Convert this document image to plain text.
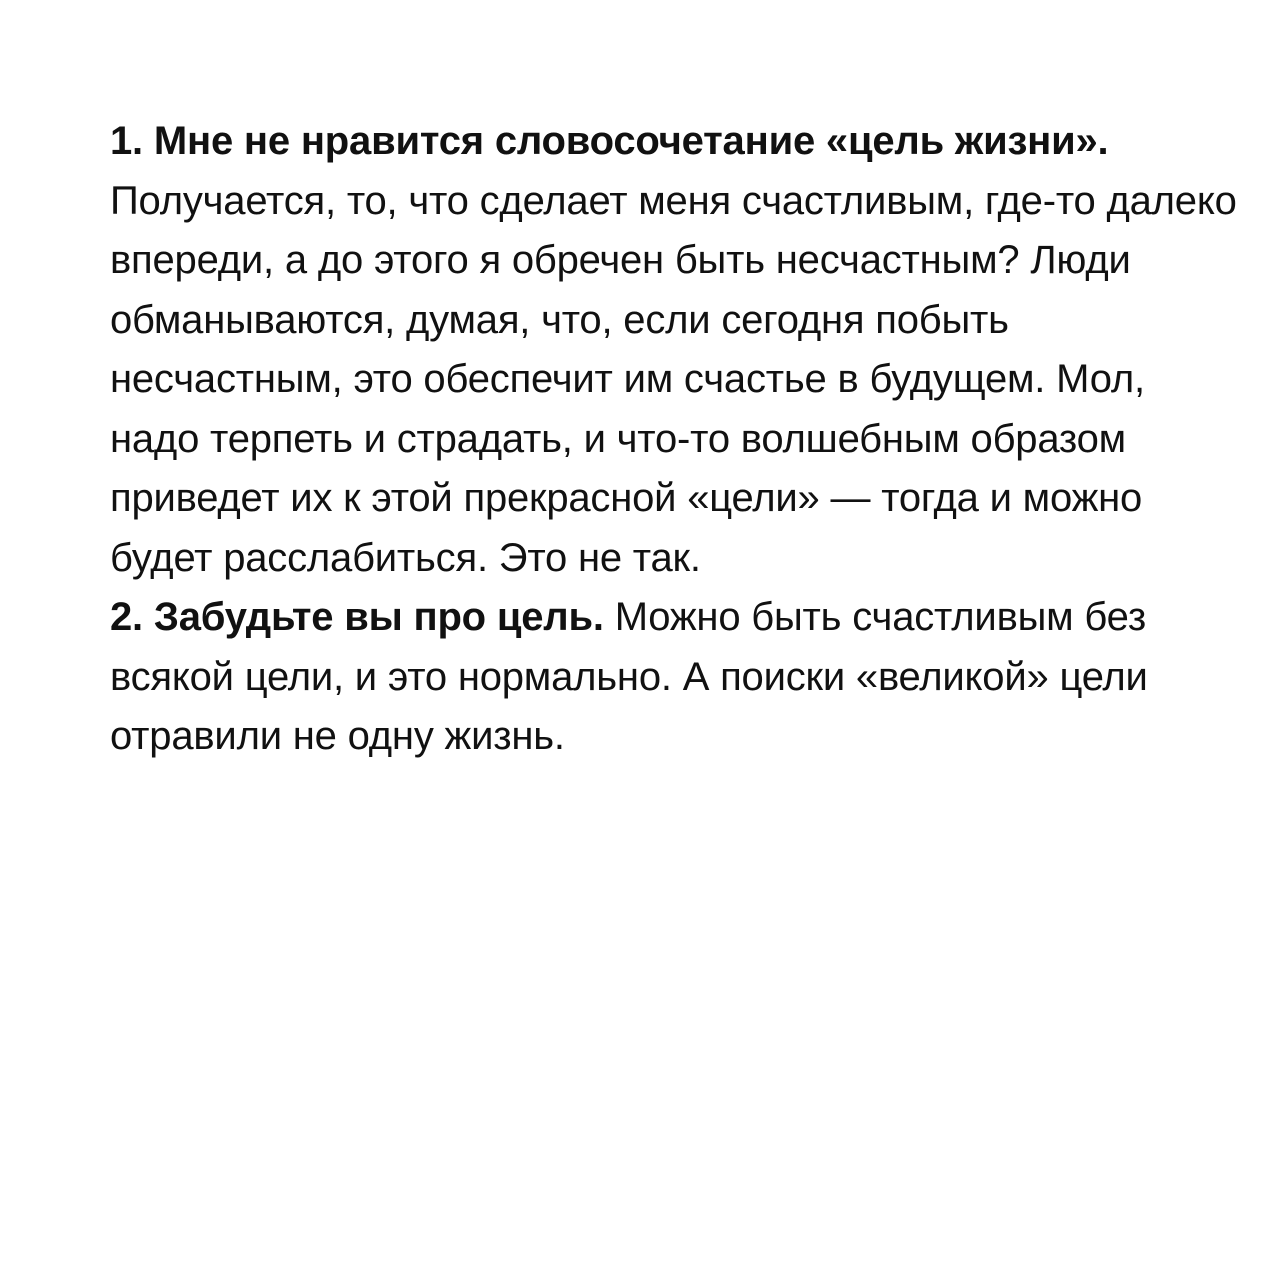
1. Мне не нравится словосочетание «цель жизни».
Получается, то, что сделает меня счастливым, где-то далеко впереди, а до этого я обречен быть несчастным? Люди обманываются, думая, что, если сегодня побыть несчастным, это обеспечит им счастье в будущем. Мол, надо терпеть и страдать, и что-то волшебным образом приведет их к этой прекрасной «цели» — тогда и можно будет расслабиться. Это не так.

2. Забудьте вы про цель. Можно быть счастливым без всякой цели, и это нормально. А поиски «великой» цели отравили не одну жизнь.
